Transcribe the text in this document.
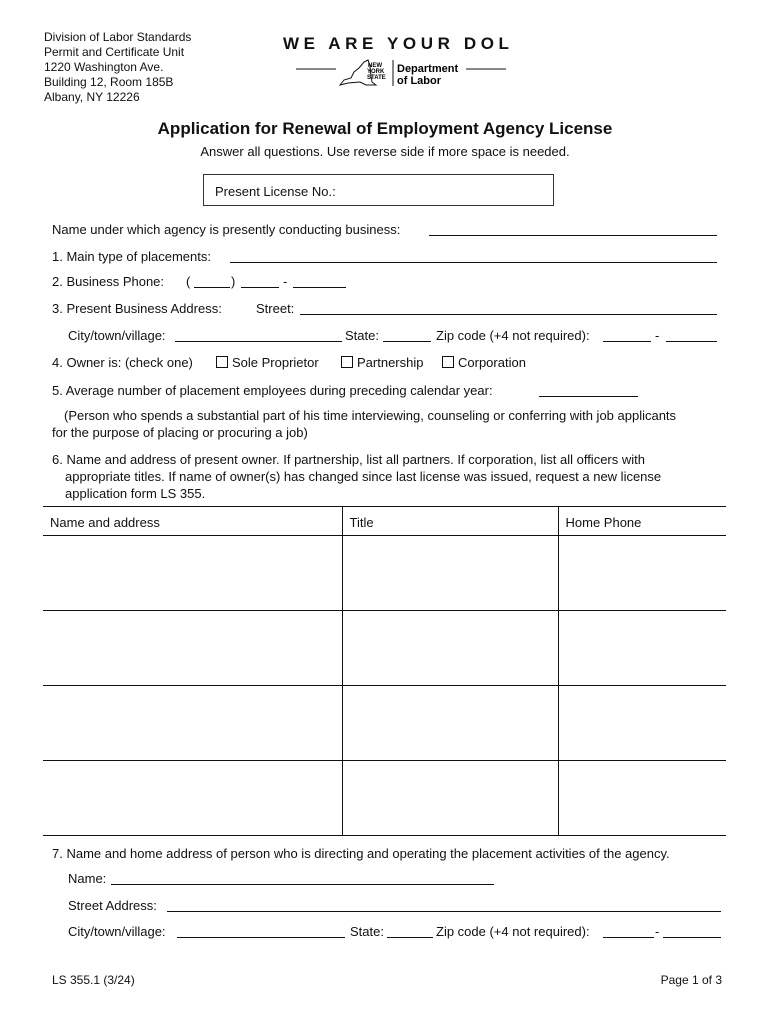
Division of Labor Standards
Permit and Certificate Unit
1220 Washington Ave.
Building 12, Room 185B
Albany, NY 12226
WE ARE YOUR DOL
NEW
YORK
STATE
Department
of Labor
Application for Renewal of Employment Agency License
Answer all questions. Use reverse side if more space is needed.
Present License No.:
Name under which agency is presently conducting business:
1. Main type of placements:
2. Business Phone: (	)	-
3. Present Business Address:	Street:
City/town/village:	State:	Zip code (+4 not required):	-
4. Owner is: (check one)	Sole Proprietor	Partnership	Corporation
5. Average number of placement employees during preceding calendar year:
(Person who spends a substantial part of his time interviewing, counseling or conferring with job applicants
for the purpose of placing or procuring a job)
6. Name and address of present owner. If partnership, list all partners. If corporation, list all officers with
appropriate titles. If name of owner(s) has changed since last license was issued, request a new license
application form LS 355.
Name and address	Title	Home Phone

7. Name and home address of person who is directing and operating the placement activities of the agency.
Name:
Street Address:
City/town/village:	State:	Zip code (+4 not required):	-
LS 355.1 (3/24)	Page 1 of 3
